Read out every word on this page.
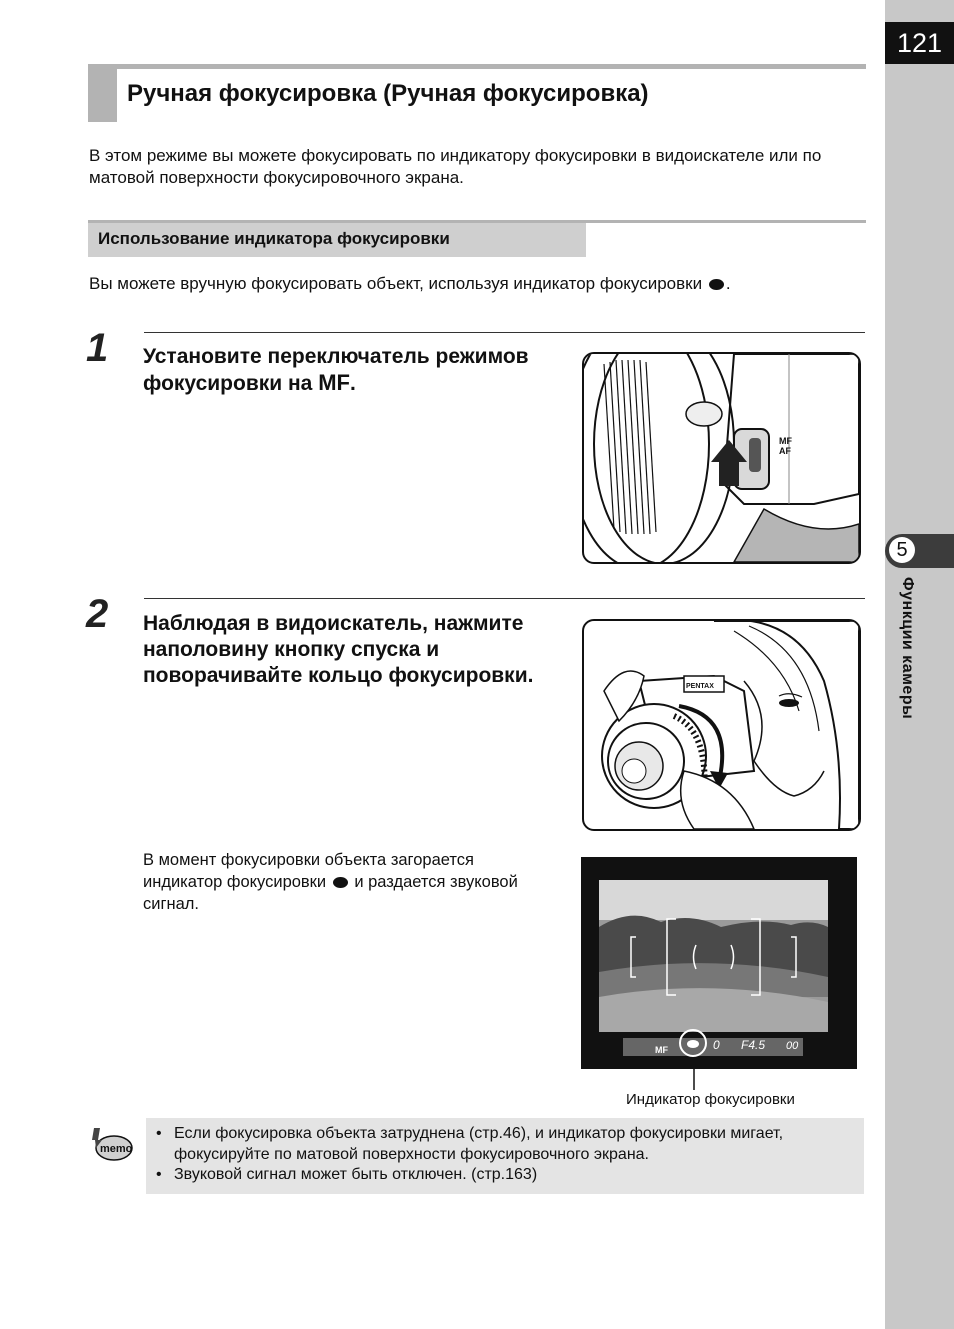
121
5
Функции камеры
Ручная фокусировка (Ручная фокусировка)
В этом режиме вы можете фокусировать по индикатору фокусировки в видоискателе или по матовой поверхности фокусировочного экрана.
Использование индикатора фокусировки
Вы можете вручную фокусировать объект, используя индикатор фокусировки .
1 Установите переключатель режимов фокусировки на MF.
MF
AF
2 Наблюдая в видоискатель, нажмите наполовину кнопку спуска и поворачивайте кольцо фокусировки.	PENTAX
В момент фокусировки объекта загорается индикатор фокусировки и раздается звуковой сигнал.
MF	0 F4.5 00
Индикатор фокусировки
memo
• Если фокусировка объекта затруднена (стр.46), и индикатор фокусировки мигает, фокусируйте по матовой поверхности фокусировочного экрана.
• Звуковой сигнал может быть отключен. (стр.163)
